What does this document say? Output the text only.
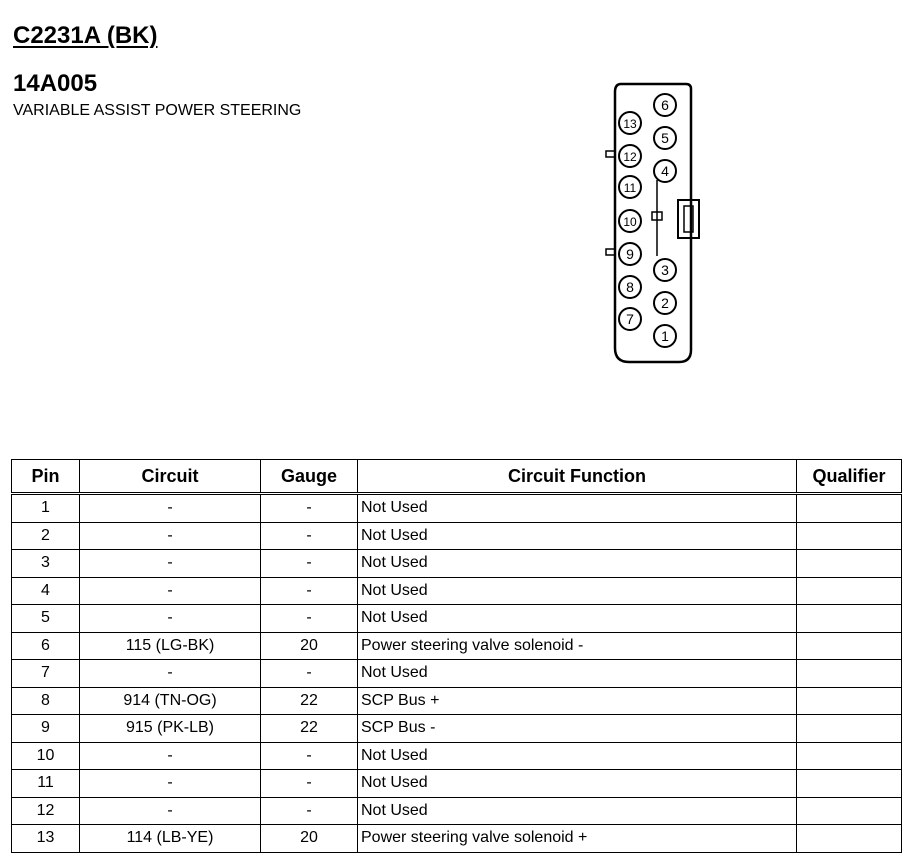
C2231A (BK)
14A005

VARIABLE ASSIST POWER STEERING

1
2
3
4
5
6
7
8
9
10
11
12
13
Pin	Circuit	Gauge	Circuit Function	Qualifier
1	-	-	Not Used	
2	-	-	Not Used	
3	-	-	Not Used	
4	-	-	Not Used	
5	-	-	Not Used	
6	115 (LG-BK)	20	Power steering valve solenoid -	
7	-	-	Not Used	
8	914 (TN-OG)	22	SCP Bus +	
9	915 (PK-LB)	22	SCP Bus -	
10	-	-	Not Used	
11	-	-	Not Used	
12	-	-	Not Used	
13	114 (LB-YE)	20	Power steering valve solenoid +	
